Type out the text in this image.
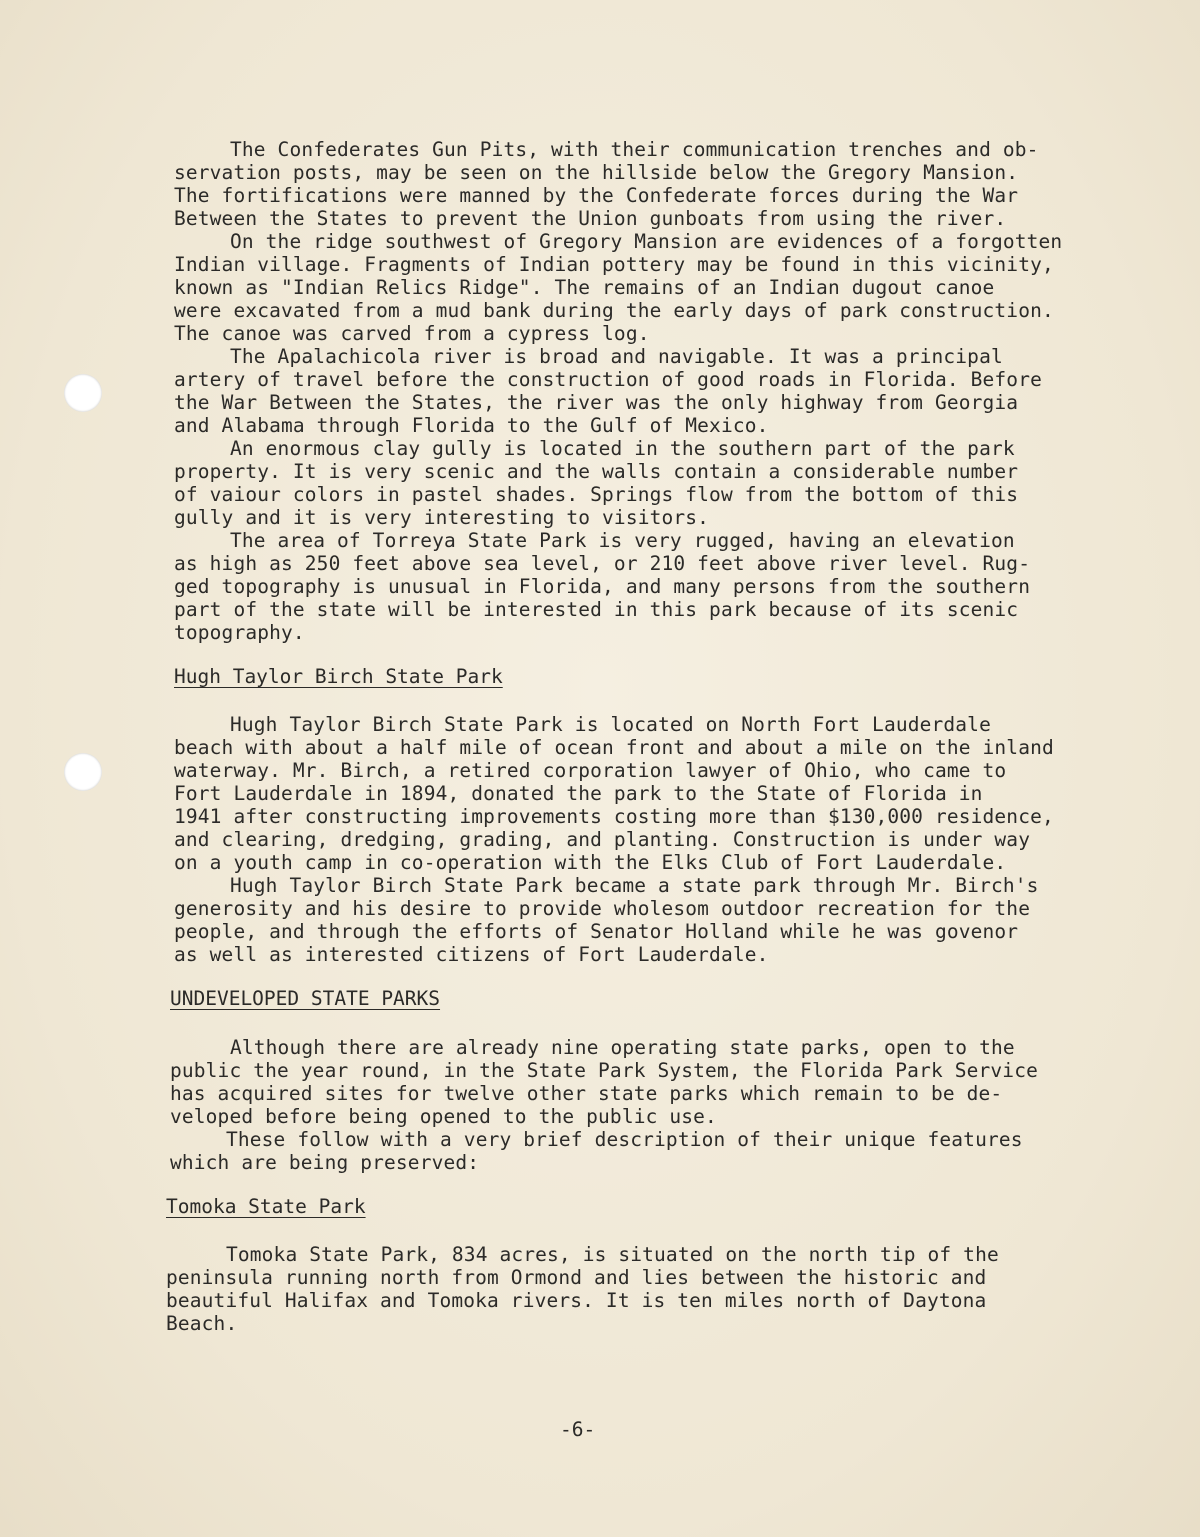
The Confederates Gun Pits, with their communication trenches and ob-
servation posts, may be seen on the hillside below the Gregory Mansion.
The fortifications were manned by the Confederate forces during the War
Between the States to prevent the Union gunboats from using the river.
On the ridge southwest of Gregory Mansion are evidences of a forgotten
Indian village. Fragments of Indian pottery may be found in this vicinity,
known as "Indian Relics Ridge". The remains of an Indian dugout canoe
were excavated from a mud bank during the early days of park construction.
The canoe was carved from a cypress log.
The Apalachicola river is broad and navigable. It was a principal
artery of travel before the construction of good roads in Florida. Before
the War Between the States, the river was the only highway from Georgia
and Alabama through Florida to the Gulf of Mexico.
An enormous clay gully is located in the southern part of the park
property. It is very scenic and the walls contain a considerable number
of vaiour colors in pastel shades. Springs flow from the bottom of this
gully and it is very interesting to visitors.
The area of Torreya State Park is very rugged, having an elevation
as high as 250 feet above sea level, or 210 feet above river level. Rug-
ged topography is unusual in Florida, and many persons from the southern
part of the state will be interested in this park because of its scenic
topography.
Hugh Taylor Birch State Park
Hugh Taylor Birch State Park is located on North Fort Lauderdale
beach with about a half mile of ocean front and about a mile on the inland
waterway. Mr. Birch, a retired corporation lawyer of Ohio, who came to
Fort Lauderdale in 1894, donated the park to the State of Florida in
1941 after constructing improvements costing more than $130,000 residence,
and clearing, dredging, grading, and planting. Construction is under way
on a youth camp in co-operation with the Elks Club of Fort Lauderdale.
Hugh Taylor Birch State Park became a state park through Mr. Birch's
generosity and his desire to provide wholesom outdoor recreation for the
people, and through the efforts of Senator Holland while he was govenor
as well as interested citizens of Fort Lauderdale.
UNDEVELOPED STATE PARKS
Although there are already nine operating state parks, open to the
public the year round, in the State Park System, the Florida Park Service
has acquired sites for twelve other state parks which remain to be de-
veloped before being opened to the public use.
These follow with a very brief description of their unique features
which are being preserved:
Tomoka State Park
Tomoka State Park, 834 acres, is situated on the north tip of the
peninsula running north from Ormond and lies between the historic and
beautiful Halifax and Tomoka rivers. It is ten miles north of Daytona
Beach.
-6-
